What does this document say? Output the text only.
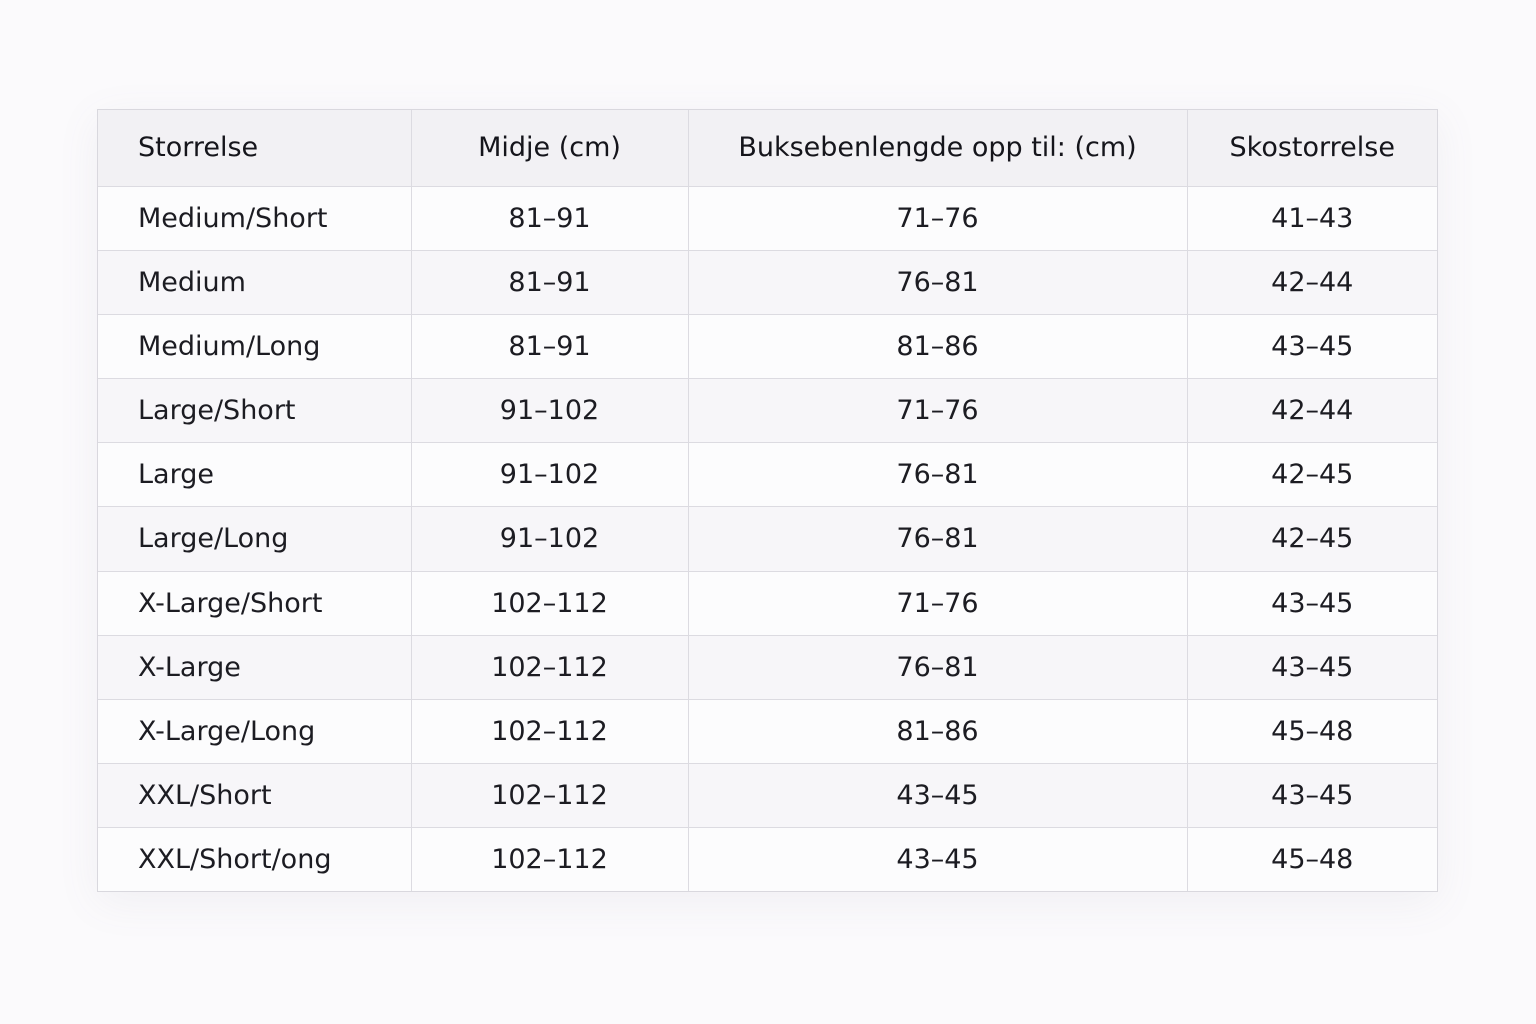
Storrelse	Midje (cm)	Buksebenlengde opp til: (cm)	Skostorrelse
Medium/Short	81–91	71–76	41–43
Medium	81–91	76–81	42–44
Medium/Long	81–91	81–86	43–45
Large/Short	91–102	71–76	42–44
Large	91–102	76–81	42–45
Large/Long	91–102	76–81	42–45
X-Large/Short	102–112	71–76	43–45
X-Large	102–112	76–81	43–45
X-Large/Long	102–112	81–86	45–48
XXL/Short	102–112	43–45	43–45
XXL/Short/ong	102–112	43–45	45–48
